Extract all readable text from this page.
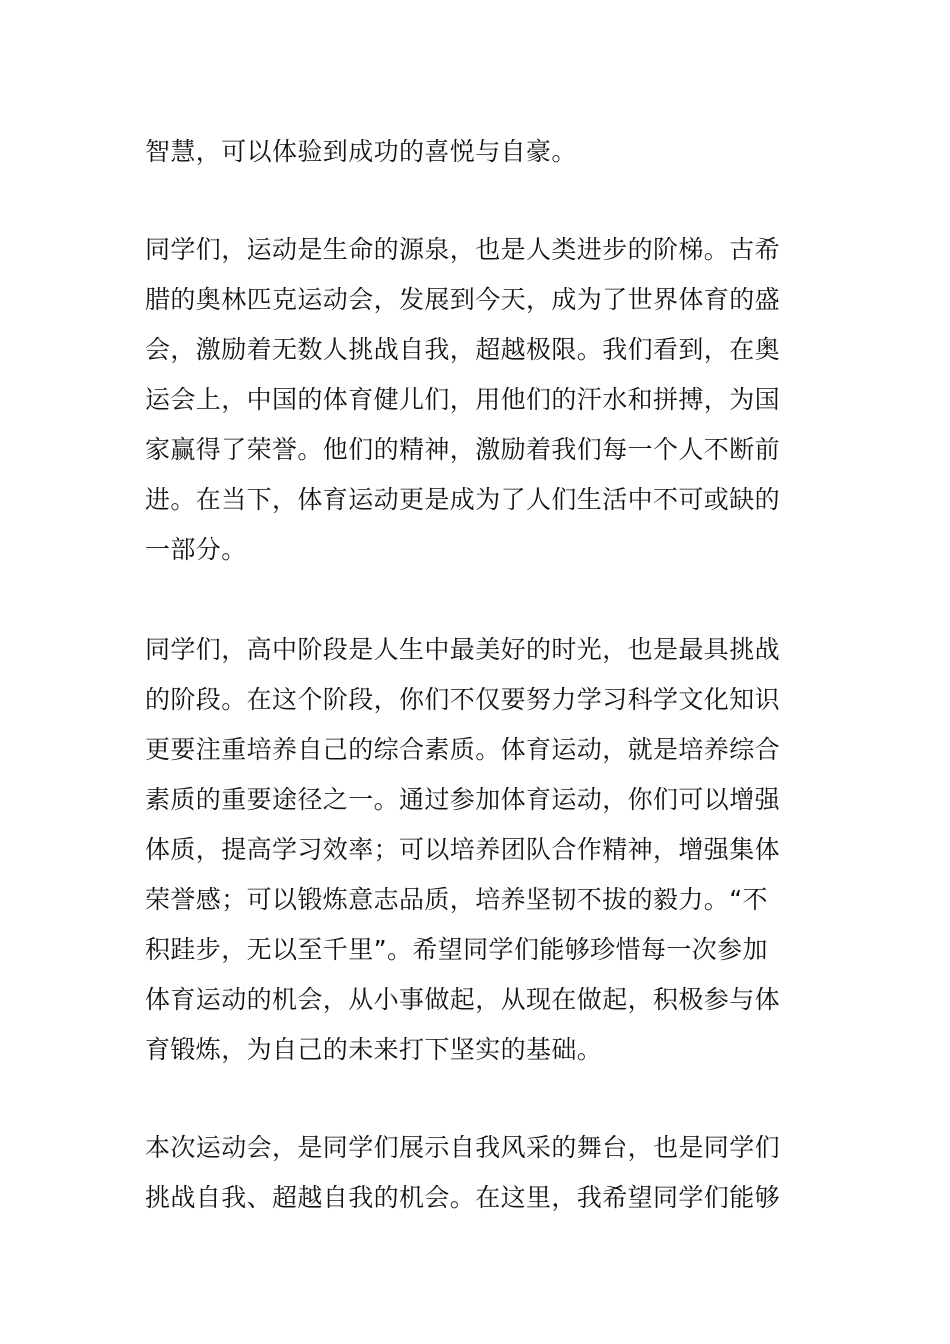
智慧，可以体验到成功的喜悦与自豪。
同学们，运动是生命的源泉，也是人类进步的阶梯。古希
腊的奥林匹克运动会，发展到今天，成为了世界体育的盛
会，激励着无数人挑战自我，超越极限。我们看到，在奥
运会上，中国的体育健儿们，用他们的汗水和拼搏，为国
家赢得了荣誉。他们的精神，激励着我们每一个人不断前
进。在当下，体育运动更是成为了人们生活中不可或缺的
一部分。
同学们，高中阶段是人生中最美好的时光，也是最具挑战
的阶段。在这个阶段，你们不仅要努力学习科学文化知识
更要注重培养自己的综合素质。体育运动，就是培养综合
素质的重要途径之一。通过参加体育运动，你们可以增强
体质，提高学习效率；可以培养团队合作精神，增强集体
荣誉感；可以锻炼意志品质，培养坚韧不拔的毅力。“不
积跬步，无以至千里”。希望同学们能够珍惜每一次参加
体育运动的机会，从小事做起，从现在做起，积极参与体
育锻炼，为自己的未来打下坚实的基础。
本次运动会，是同学们展示自我风采的舞台，也是同学们
挑战自我、超越自我的机会。在这里，我希望同学们能够
